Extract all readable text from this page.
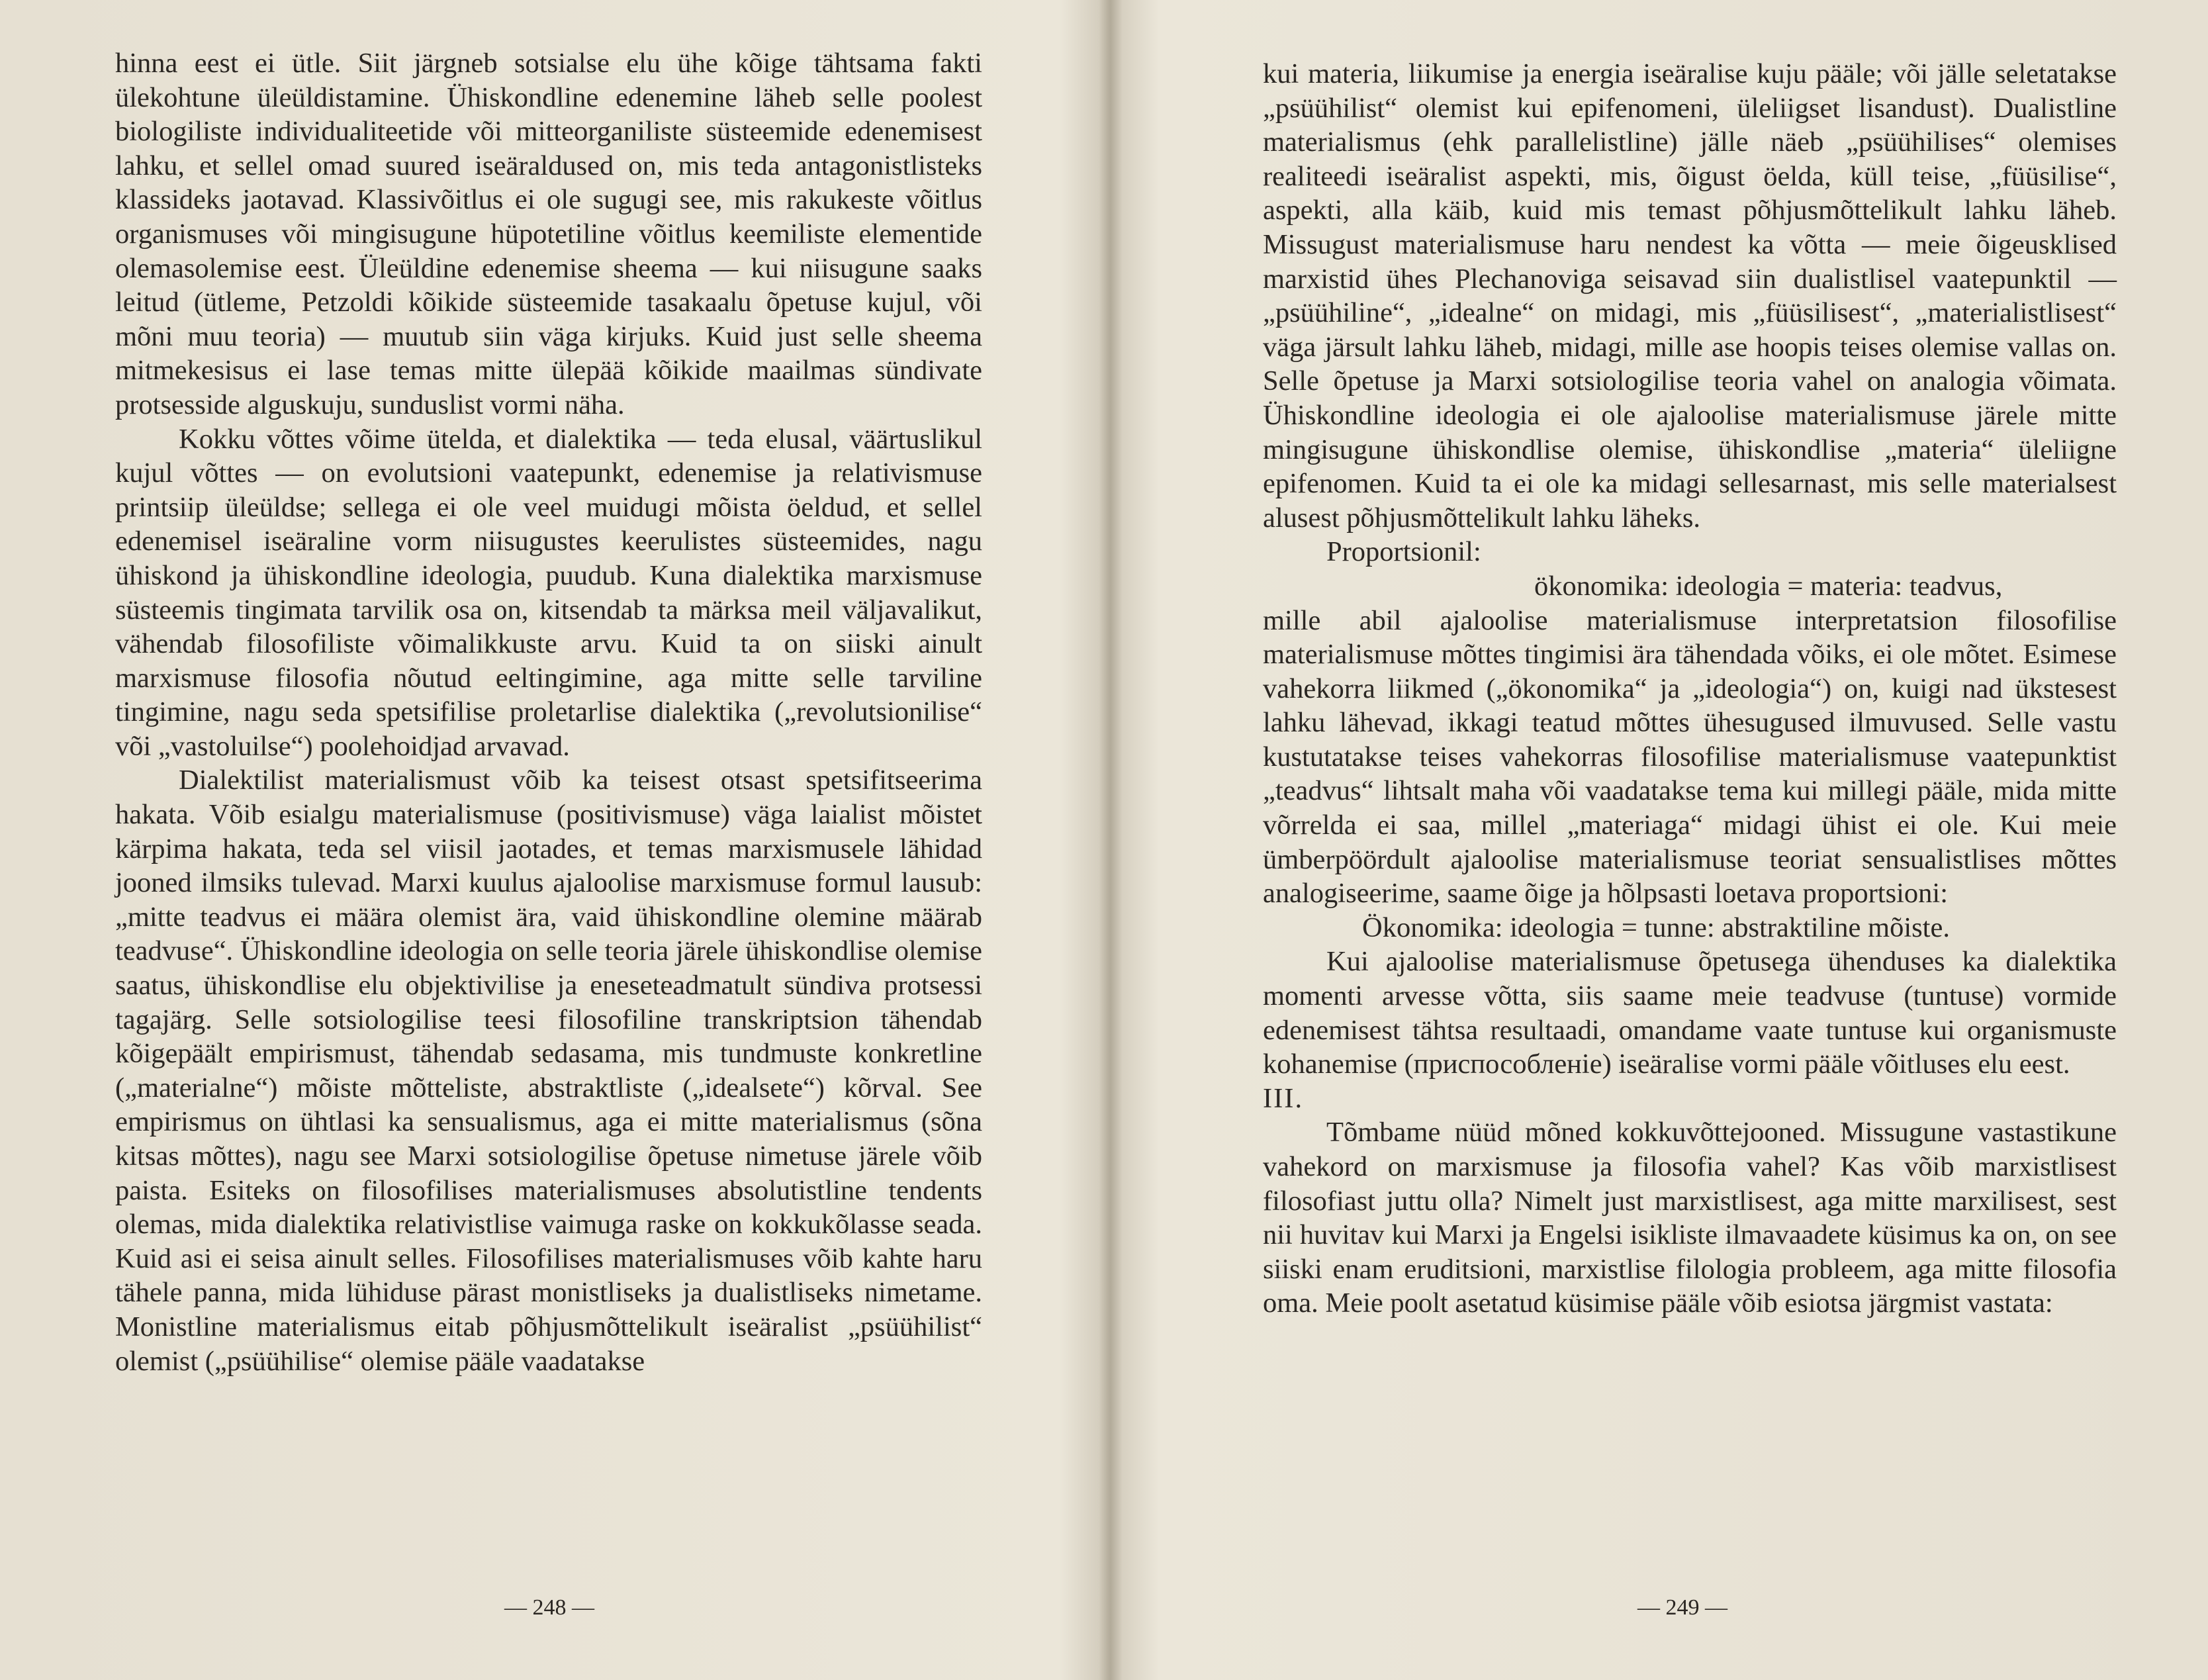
hinna eest ei ütle. Siit järgneb sotsialse elu ühe kõige tähtsama fakti ülekohtune üleüldistamine. Ühiskondline edenemine läheb selle poolest biologiliste individualiteetide või mitteorganiliste süsteemide edenemisest lahku, et sellel omad suured iseäraldused on, mis teda antagonistlisteks klassideks jaotavad. Klassivõitlus ei ole sugugi see, mis rakukeste võitlus organismuses või mingisugune hüpotetiline võitlus keemiliste elementide olemasolemise eest. Üleüldine edenemise sheema — kui niisugune saaks leitud (ütleme, Petzoldi kõikide süsteemide tasakaalu õpetuse kujul, või mõni muu teoria) — muutub siin väga kirjuks. Kuid just selle sheema mitmekesisus ei lase temas mitte ülepää kõikide maailmas sündivate protsesside alguskuju, sunduslist vormi näha.

Kokku võttes võime ütelda, et dialektika — teda elusal, väärtuslikul kujul võttes — on evolutsioni vaatepunkt, edenemise ja relativismuse printsiip üleüldse; sellega ei ole veel muidugi mõista öeldud, et sellel edenemisel iseäraline vorm niisugustes keerulistes süsteemides, nagu ühiskond ja ühiskondline ideologia, puudub. Kuna dialektika marxismuse süsteemis tingimata tarvilik osa on, kitsendab ta märksa meil väljavalikut, vähendab filosofiliste võimalikkuste arvu. Kuid ta on siiski ainult marxismuse filosofia nõutud eeltingimine, aga mitte selle tarviline tingimine, nagu seda spetsifilise proletarlise dialektika („revolutsionilise“ või „vastoluilse“) poolehoidjad arvavad.

Dialektilist materialismust võib ka teisest otsast spetsifitseerima hakata. Võib esialgu materialismuse (positivismuse) väga laialist mõistet kärpima hakata, teda sel viisil jaotades, et temas marxismusele lähidad jooned ilmsiks tulevad. Marxi kuulus ajaloolise marxismuse formul lausub: „mitte teadvus ei määra olemist ära, vaid ühiskondline olemine määrab teadvuse“. Ühiskondline ideologia on selle teoria järele ühiskondlise olemise saatus, ühiskondlise elu objektivilise ja eneseteadmatult sündiva protsessi tagajärg. Selle sotsiologilise teesi filosofiline transkriptsion tähendab kõigepäält empirismust, tähendab sedasama, mis tundmuste konkretline („materialne“) mõiste mõtteliste, abstraktliste („idealsete“) kõrval. See empirismus on ühtlasi ka sensualismus, aga ei mitte materialismus (sõna kitsas mõttes), nagu see Marxi sotsiologilise õpetuse nimetuse järele võib paista. Esiteks on filosofilises materialismuses absolutistline tendents olemas, mida dialektika relativistlise vaimuga raske on kokkukõlasse seada. Kuid asi ei seisa ainult selles. Filosofilises materialismuses võib kahte haru tähele panna, mida lühiduse pärast monistliseks ja dualistliseks nimetame. Monistline materialismus eitab põhjusmõttelikult iseäralist „psüühilist“ olemist („psüühilise“ olemise pääle vaadatakse

— 248 —

kui materia, liikumise ja energia iseäralise kuju pääle; või jälle seletatakse „psüühilist“ olemist kui epifenomeni, üleliigset lisandust). Dualistline materialismus (ehk parallelistline) jälle näeb „psüühilises“ olemises realiteedi iseäralist aspekti, mis, õigust öelda, küll teise, „füüsilise“, aspekti, alla käib, kuid mis temast põhjusmõttelikult lahku läheb. Missugust materialismuse haru nendest ka võtta — meie õigeusklised marxistid ühes Plechanoviga seisavad siin dualistlisel vaatepunktil — „psüühiline“, „idealne“ on midagi, mis „füüsilisest“, „materialistlisest“ väga järsult lahku läheb, midagi, mille ase hoopis teises olemise vallas on. Selle õpetuse ja Marxi sotsiologilise teoria vahel on analogia võimata. Ühiskondline ideologia ei ole ajaloolise materialismuse järele mitte mingisugune ühiskondlise olemise, ühiskondlise „materia“ üleliigne epifenomen. Kuid ta ei ole ka midagi sellesarnast, mis selle materialsest alusest põhjusmõttelikult lahku läheks.

Proportsionil:

ökonomika: ideologia = materia: teadvus,

mille abil ajaloolise materialismuse interpretatsion filosofilise materialismuse mõttes tingimisi ära tähendada võiks, ei ole mõtet. Esimese vahekorra liikmed („ökonomika“ ja „ideologia“) on, kuigi nad ükstesest lahku lähevad, ikkagi teatud mõttes ühesugused ilmuvused. Selle vastu kustutatakse teises vahekorras filosofilise materialismuse vaatepunktist „teadvus“ lihtsalt maha või vaadatakse tema kui millegi pääle, mida mitte võrrelda ei saa, millel „materiaga“ midagi ühist ei ole. Kui meie ümberpöördult ajaloolise materialismuse teoriat sensualistlises mõttes analogiseerime, saame õige ja hõlpsasti loetava proportsioni:

Ökonomika: ideologia = tunne: abstraktiline mõiste.

Kui ajaloolise materialismuse õpetusega ühenduses ka dialektika momenti arvesse võtta, siis saame meie teadvuse (tuntuse) vormide edenemisest tähtsa resultaadi, omandame vaate tuntuse kui organismuste kohanemise (приспособленіе) iseäralise vormi pääle võitluses elu eest.

III.

Tõmbame nüüd mõned kokkuvõttejooned. Missugune vastastikune vahekord on marxismuse ja filosofia vahel? Kas võib marxistlisest filosofiast juttu olla? Nimelt just marxistlisest, aga mitte marxilisest, sest nii huvitav kui Marxi ja Engelsi isikliste ilmavaadete küsimus ka on, on see siiski enam eruditsioni, marxistlise filologia probleem, aga mitte filosofia oma. Meie poolt asetatud küsimise pääle võib esiotsa järgmist vastata:

— 249 —
